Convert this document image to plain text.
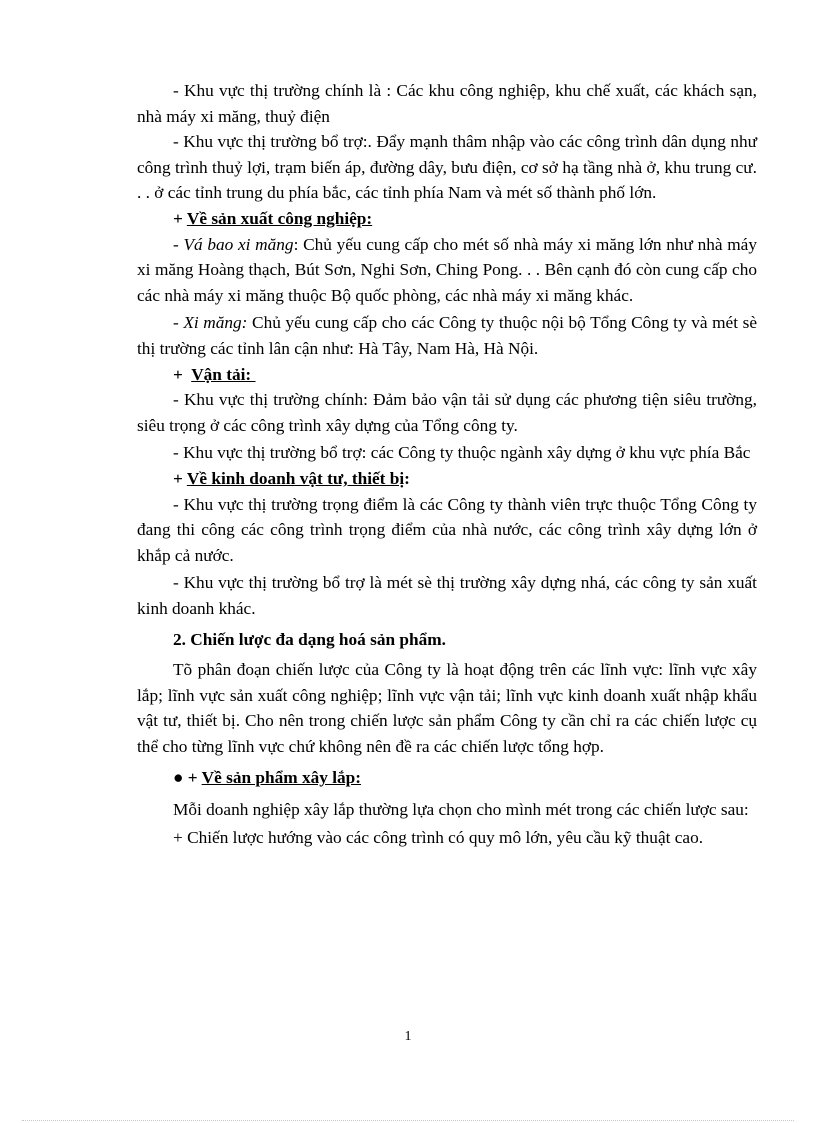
- Khu vực thị trường chính là : Các khu công nghiệp, khu chế xuất, các khách sạn, nhà máy xi măng, thuỷ điện

- Khu vực thị trường bổ trợ:. Đẩy mạnh thâm nhập vào các công trình dân dụng như công trình thuỷ lợi, trạm biến áp, đường dây, bưu điện, cơ sở hạ tầng nhà ở, khu trung cư. . . ở các tỉnh trung du phía bắc, các tỉnh phía Nam và mét số thành phố lớn.

+ Về sản xuất công nghiệp:

- Vá bao xi măng: Chủ yếu cung cấp cho mét số nhà máy xi măng lớn như nhà máy xi măng Hoàng thạch, Bút Sơn, Nghi Sơn, Ching Pong. . . Bên cạnh đó còn cung cấp cho các nhà máy xi măng thuộc Bộ quốc phòng, các nhà máy xi măng khác.

- Xi măng: Chủ yếu cung cấp cho các Công ty thuộc nội bộ Tổng Công ty và mét sè thị trường các tỉnh lân cận như: Hà Tây, Nam Hà, Hà Nội.

+  Vận tải:

- Khu vực thị trường chính: Đảm bảo vận tải sử dụng các phương tiện siêu trường, siêu trọng ở các công trình xây dựng của Tổng công ty.

- Khu vực thị trường bổ trợ: các Công ty thuộc ngành xây dựng ở khu vực phía Bắc

+ Về kinh doanh vật tư, thiết bị:

- Khu vực thị trường trọng điểm là các Công ty thành viên trực thuộc Tổng Công ty đang thi công các công trình trọng điểm của nhà nước, các công trình xây dựng lớn ở khắp cả nước.

- Khu vực thị trường bổ trợ là mét sè thị trường xây dựng nhá, các công ty sản xuất kinh doanh khác.

2. Chiến lược đa dạng hoá sản phẩm.

Tõ phân đoạn chiến lược của Công ty là hoạt động trên các lĩnh vực: lĩnh vực xây lắp; lĩnh vực sản xuất công nghiệp; lĩnh vực vận tải; lĩnh vực kinh doanh xuất nhập khẩu vật tư, thiết bị. Cho nên trong chiến lược sản phẩm Công ty cần chỉ ra các chiến lược cụ thể cho từng lĩnh vực chứ không nên đề ra các chiến lược tổng hợp.

● + Về sản phẩm xây lắp:

Mỗi doanh nghiệp xây lắp thường lựa chọn cho mình mét trong các chiến lược sau:

+ Chiến lược hướng vào các công trình có quy mô lớn, yêu cầu kỹ thuật cao.

1
